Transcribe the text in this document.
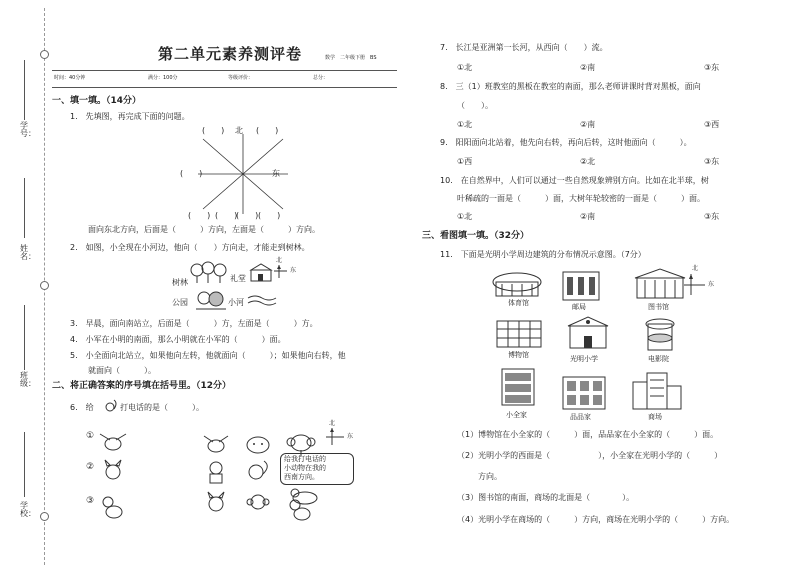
学号：
姓名：
班级：
学校：
第二单元素养测评卷	数学　二年级下册　BS
时间：40分钟	满分：100分	等级评价：	总分：
一、填一填。（14分）
1.　先填图，再完成下面的问题。
(　　) 北 (　　)
(　　)	东
(　　) (　　)
(　　) (　　)
面向东北方向，后面是（　　　）方向，左面是（　　　）方向。
2.　如图，小全现在小河边，他向（　　）方向走，才能走到树林。
树林	礼堂
北
东
公园	小河
3.　早晨，面向南站立，后面是（　　　）方，左面是（　　　）方。
4.　小军在小明的南面，那么小明就在小军的（　　　）面。
5.　小全面向北站立，如果他向左转，他就面向（　　　）；如果他向右转，他
就面向（　　　）。
二、将正确答案的序号填在括号里。（12分）
6.　给	打电话的是（　　　）。
①
②
③
北
东
给我打电话的
小动物在我的
西南方向。
7.　长江是亚洲第一长河，从西向（　　）流。
①北	②南	③东
8.　三（1）班教室的黑板在教室的南面，那么老师讲课时背对黑板，面向
（　　）。
①北	②南	③西
9.　阳阳面向北站着，他先向右转，再向后转，这时他面向（　　　）。
①西	②北	③东
10.　在自然界中，人们可以通过一些自然现象辨别方向。比如在北半球，树
叶稀疏的一面是（　　　）面，大树年轮较密的一面是（　　　）面。
①北	②南	③东
三、看图填一填。（32分）
11.　下面是光明小学周边建筑的分布情况示意图。（7分）
体育馆	邮局	图书馆
北
东
博物馆	光明小学	电影院
小全家	品品家	商场
（1）博物馆在小全家的（　　　）面，品品家在小全家的（　　　）面。
（2）光明小学的西面是（　　　　　　），小全家在光明小学的（　　　）
方向。
（3）图书馆的南面，商场的北面是（　　　　）。
（4）光明小学在商场的（　　　）方向，商场在光明小学的（　　　）方向。
